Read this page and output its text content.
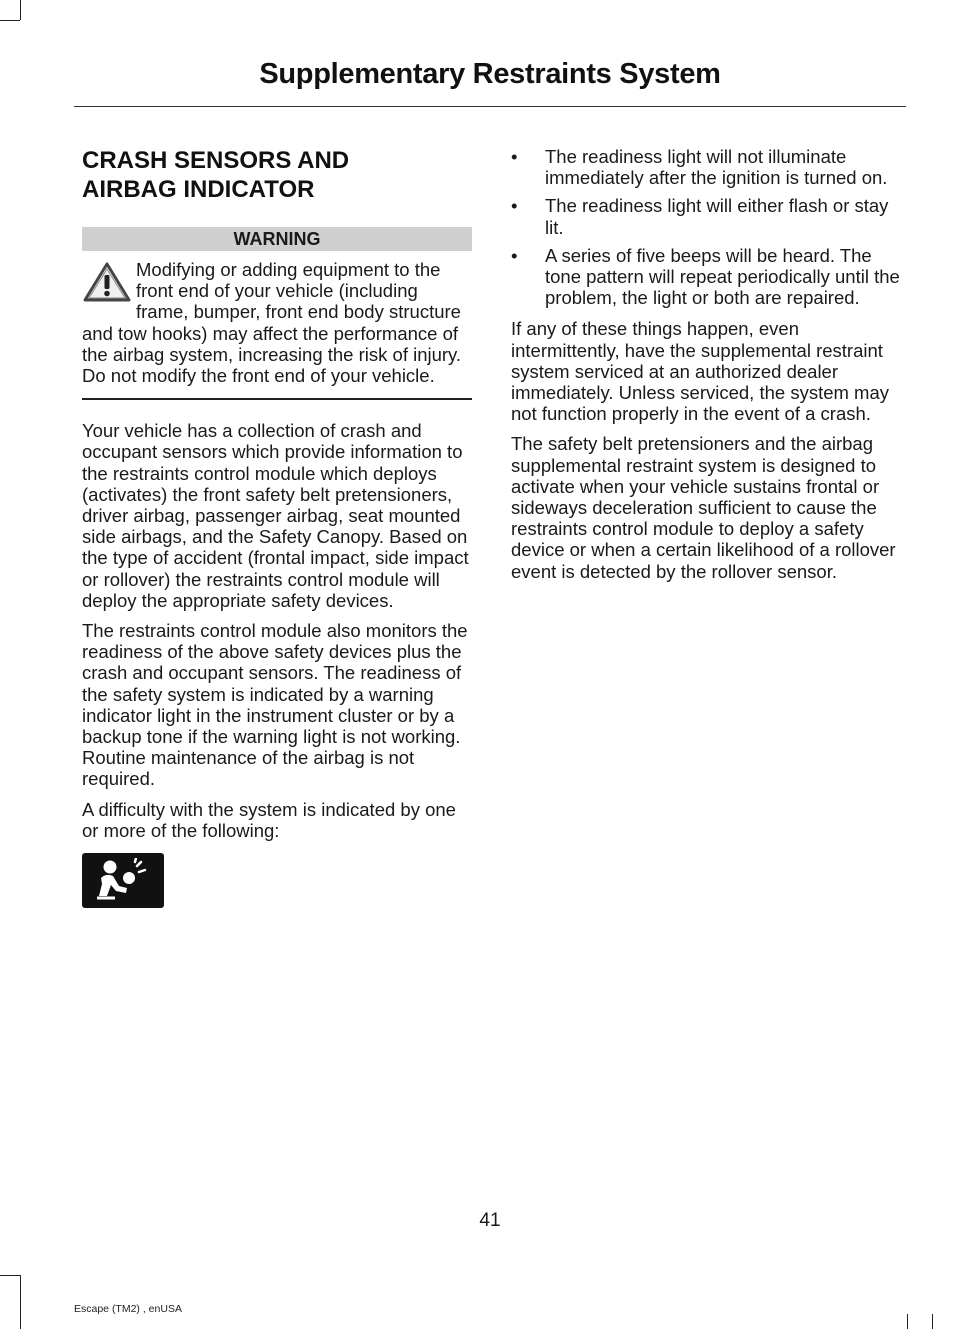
Supplementary Restraints System
CRASH SENSORS AND
AIRBAG INDICATOR
WARNING
Modifying or adding equipment to the front end of your vehicle (including frame, bumper, front end body structure and tow hooks) may affect the performance of the airbag system, increasing the risk of injury. Do not modify the front end of your vehicle.

Your vehicle has a collection of crash and occupant sensors which provide information to the restraints control module which deploys (activates) the front safety belt pretensioners, driver airbag, passenger airbag, seat mounted side airbags, and the Safety Canopy. Based on the type of accident (frontal impact, side impact or rollover) the restraints control module will deploy the appropriate safety devices.

The restraints control module also monitors the readiness of the above safety devices plus the crash and occupant sensors. The readiness of the safety system is indicated by a warning indicator light in the instrument cluster or by a backup tone if the warning light is not working. Routine maintenance of the airbag is not required.

A difficulty with the system is indicated by one or more of the following:

• The readiness light will not illuminate immediately after the ignition is turned on.
• The readiness light will either flash or stay lit.
• A series of five beeps will be heard. The tone pattern will repeat periodically until the problem, the light or both are repaired.

If any of these things happen, even intermittently, have the supplemental restraint system serviced at an authorized dealer immediately. Unless serviced, the system may not function properly in the event of a crash.

The safety belt pretensioners and the airbag supplemental restraint system is designed to activate when your vehicle sustains frontal or sideways deceleration sufficient to cause the restraints control module to deploy a safety device or when a certain likelihood of a rollover event is detected by the rollover sensor.

41
Escape (TM2) , enUSA
